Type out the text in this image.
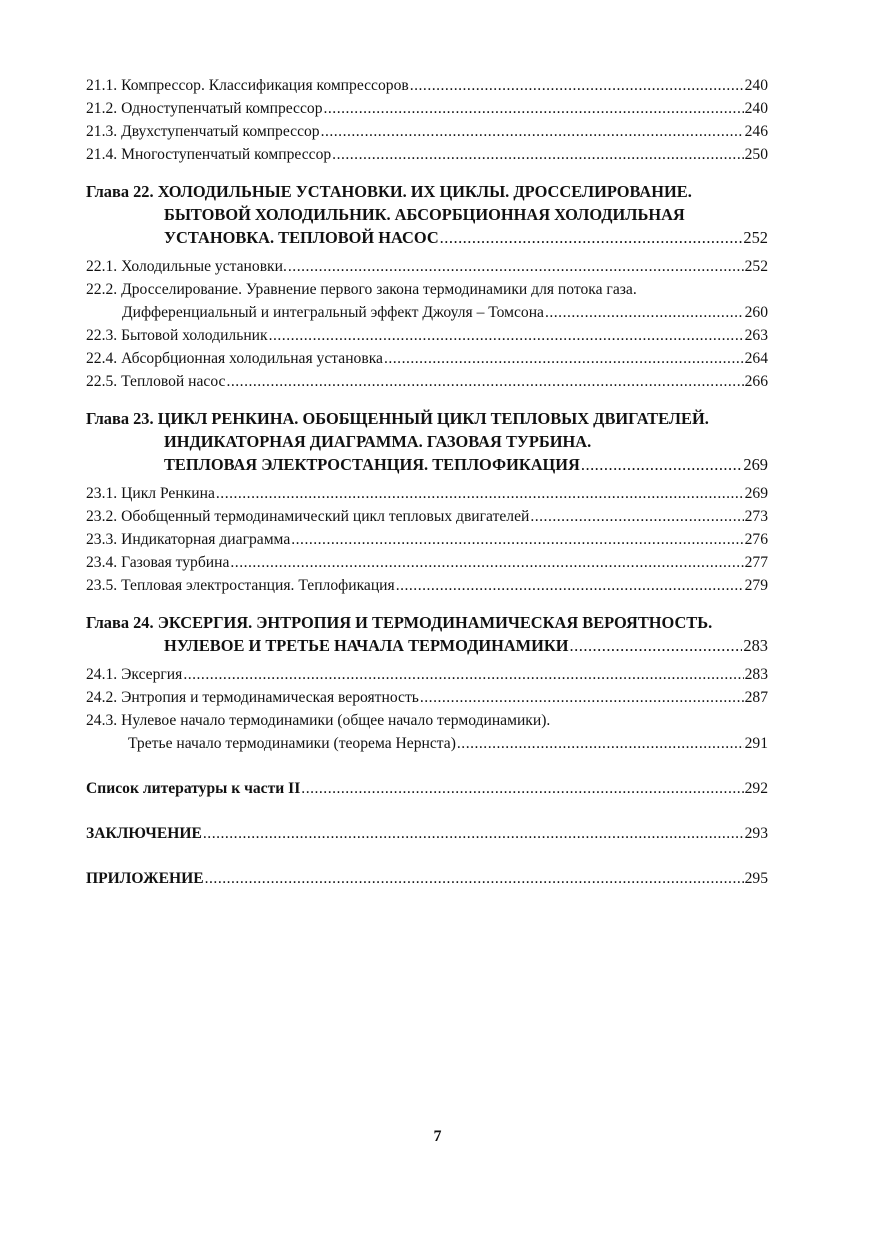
21.1. Компрессор. Классификация компрессоров .....	240
21.2. Одноступенчатый компрессор .....	240
21.3. Двухступенчатый компрессор .....	246
21.4. Многоступенчатый компрессор .....	250
Глава 22. ХОЛОДИЛЬНЫЕ УСТАНОВКИ. ИХ ЦИКЛЫ. ДРОССЕЛИРОВАНИЕ.
БЫТОВОЙ ХОЛОДИЛЬНИК. АБСОРБЦИОННАЯ ХОЛОДИЛЬНАЯ
УСТАНОВКА. ТЕПЛОВОЙ НАСОС .....	252
22.1. Холодильные установки. .....	252
22.2. Дросселирование. Уравнение первого закона термодинамики для потока газа.
Дифференциальный и интегральный эффект Джоуля – Томсона .....	260
22.3. Бытовой холодильник .....	263
22.4. Абсорбционная холодильная установка .....	264
22.5. Тепловой насос .....	266
Глава 23. ЦИКЛ РЕНКИНА. ОБОБЩЕННЫЙ ЦИКЛ ТЕПЛОВЫХ ДВИГАТЕЛЕЙ.
ИНДИКАТОРНАЯ ДИАГРАММА. ГАЗОВАЯ ТУРБИНА.
ТЕПЛОВАЯ ЭЛЕКТРОСТАНЦИЯ. ТЕПЛОФИКАЦИЯ .....	269
23.1. Цикл Ренкина .....	269
23.2. Обобщенный термодинамический цикл тепловых двигателей .....	273
23.3. Индикаторная диаграмма .....	276
23.4. Газовая турбина .....	277
23.5. Тепловая электростанция. Теплофикация .....	279
Глава 24. ЭКСЕРГИЯ. ЭНТРОПИЯ И ТЕРМОДИНАМИЧЕСКАЯ ВЕРОЯТНОСТЬ.
НУЛЕВОЕ И ТРЕТЬЕ НАЧАЛА ТЕРМОДИНАМИКИ .....	283
24.1. Эксергия .....	283
24.2. Энтропия и термодинамическая вероятность .....	287
24.3. Нулевое начало термодинамики (общее начало термодинамики).
Третье начало термодинамики (теорема Нернста) .....	291
Список литературы к части II .....	292
ЗАКЛЮЧЕНИЕ .....	293
ПРИЛОЖЕНИЕ .....	295
7
